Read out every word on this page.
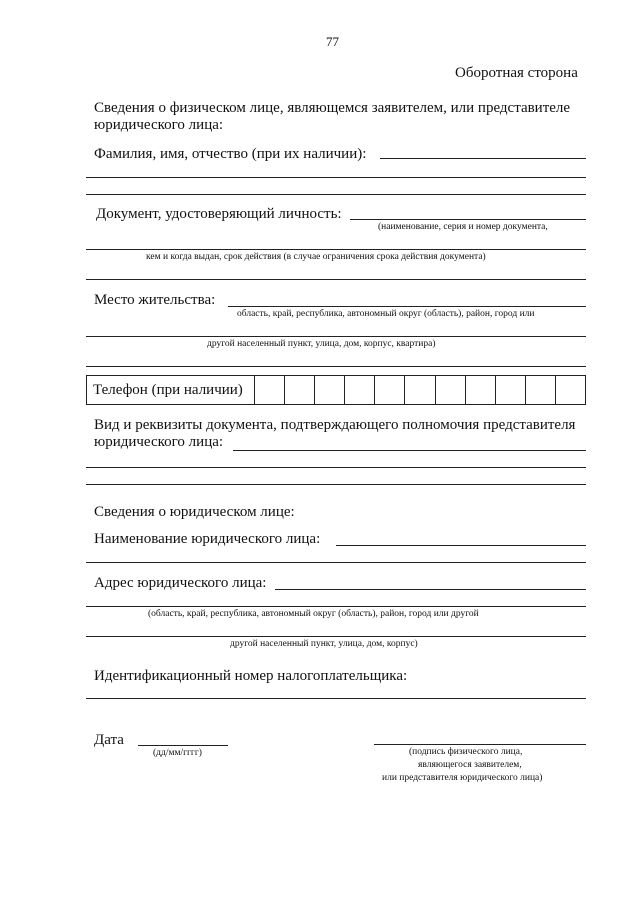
77
Оборотная сторона
Сведения о физическом лице, являющемся заявителем, или представителе
юридического лица:
Фамилия, имя, отчество (при их наличии):
Документ, удостоверяющий личность:
(наименование, серия и номер документа,
кем и когда выдан, срок действия (в случае ограничения срока действия документа)
Место жительства:
область, край, республика, автономный округ (область), район, город или
другой населенный пункт, улица, дом, корпус, квартира)
Телефон (при наличии)
Вид и реквизиты документа, подтверждающего полномочия представителя
юридического лица:
Сведения о юридическом лице:
Наименование юридического лица:
Адрес юридического лица:
(область, край, республика, автономный округ (область), район, город или другой
другой населенный пункт, улица, дом, корпус)
Идентификационный номер налогоплательщика:
Дата
(дд/мм/гггг)	(подпись физического лица,
являющегося заявителем,
или представителя юридического лица)
